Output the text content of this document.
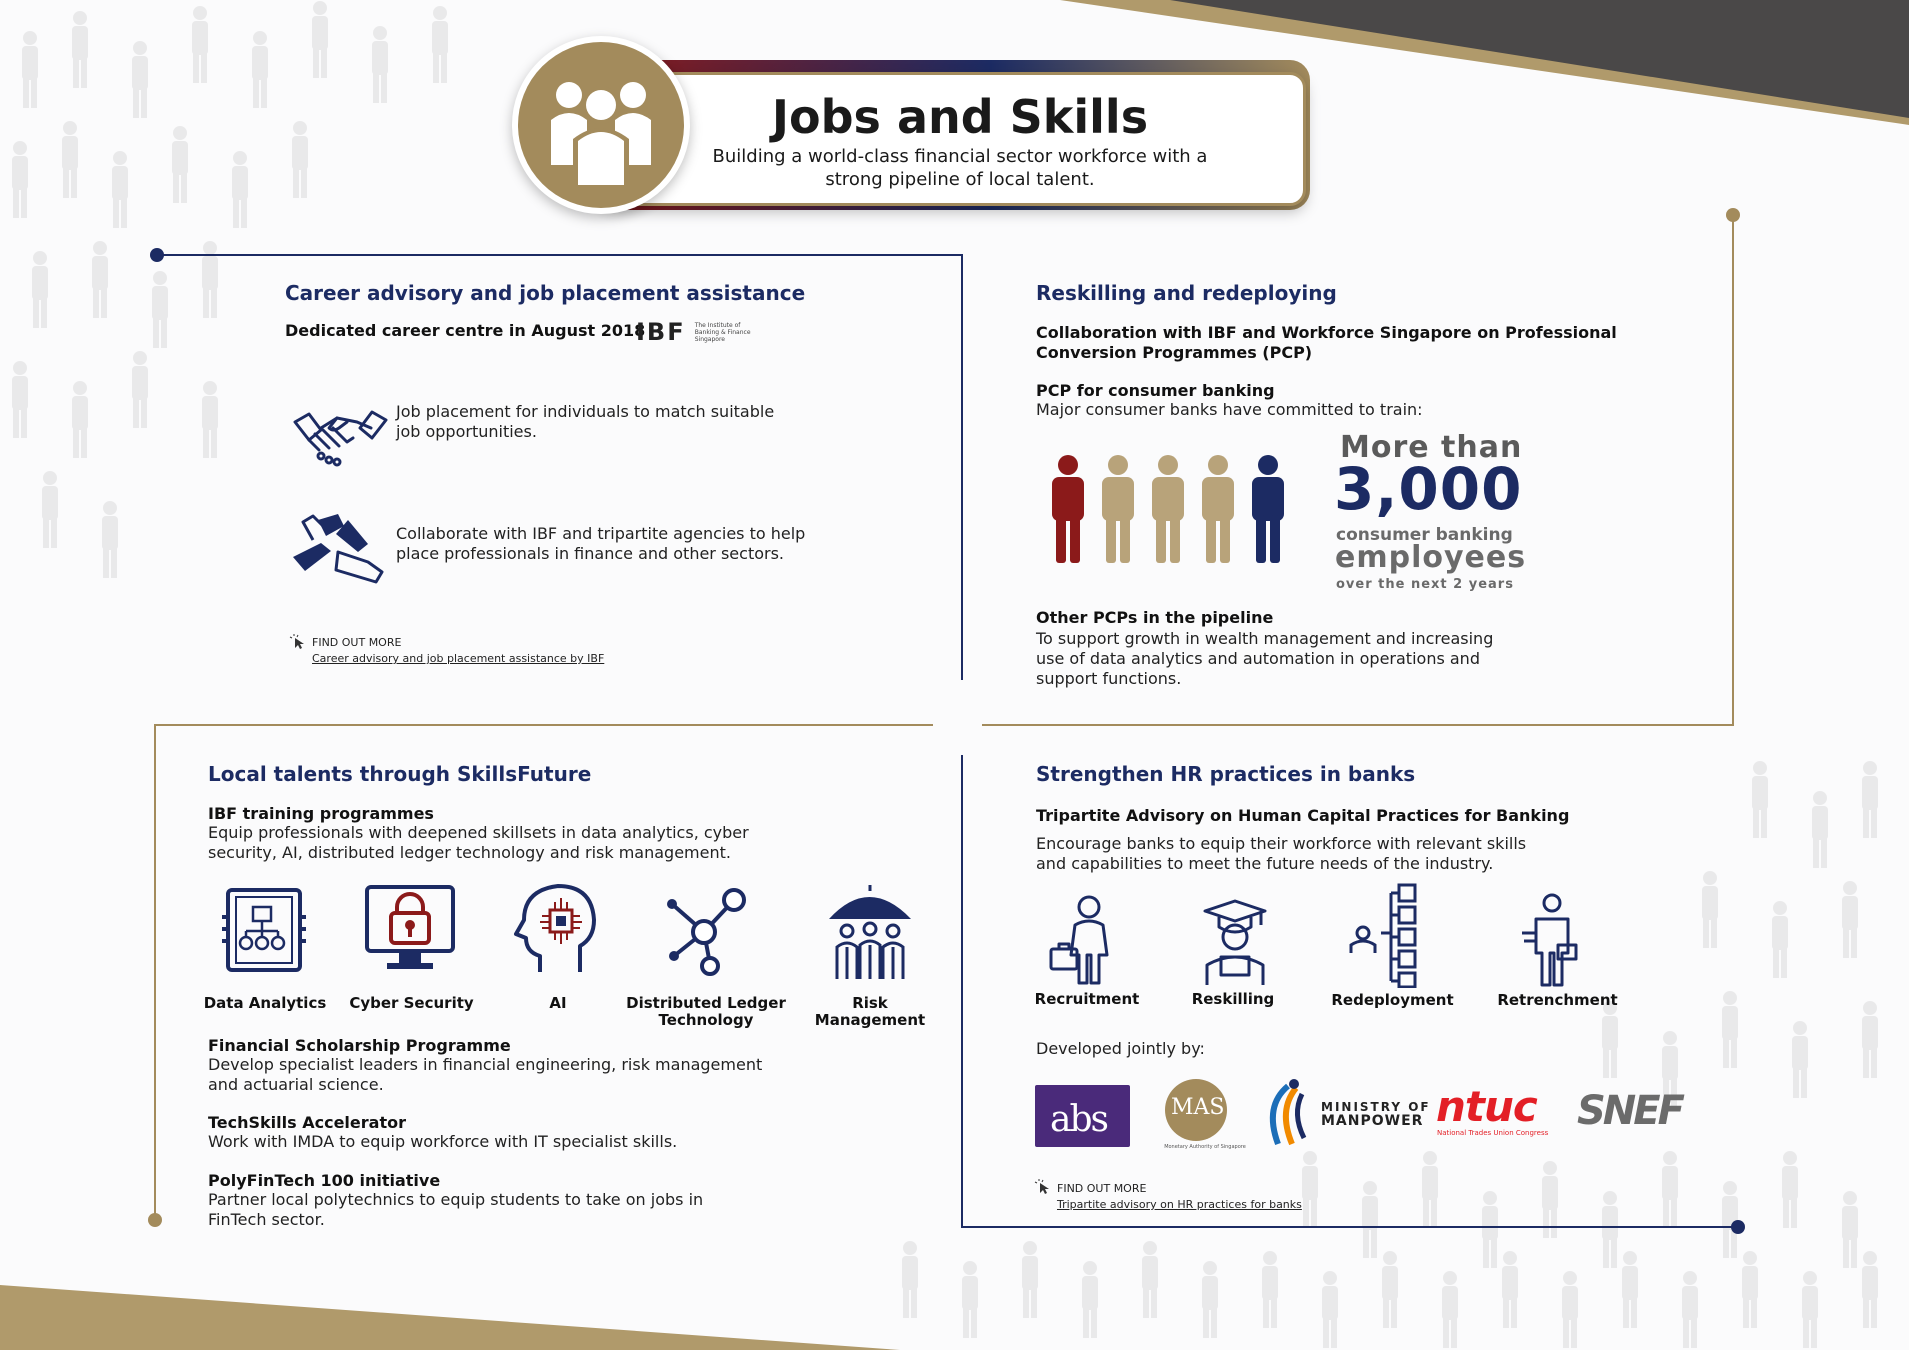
Jobs and Skills
Building a world-class financial sector workforce with a
strong pipeline of local talent.
Career advisory and job placement assistance
Dedicated career centre in August 2018
IBF The Institute of
Banking & Finance
Singapore
Job placement for individuals to match suitable
job opportunities.
Collaborate with IBF and tripartite agencies to help
place professionals in finance and other sectors.
FIND OUT MORE
Career advisory and job placement assistance by IBF
Reskilling and redeploying
Collaboration with IBF and Workforce Singapore on Professional
Conversion Programmes (PCP)
PCP for consumer banking
Major consumer banks have committed to train:
More than
3,000
consumer banking
employees
over the next 2 years
Other PCPs in the pipeline
To support growth in wealth management and increasing
use of data analytics and automation in operations and
support functions.
Local talents through SkillsFuture
IBF training programmes
Equip professionals with deepened skillsets in data analytics, cyber
security, AI, distributed ledger technology and risk management.
Data Analytics Cyber Security	AI	Distributed Ledger
Technology
Risk Management
Financial Scholarship Programme
Develop specialist leaders in financial engineering, risk management
and actuarial science.
TechSkills Accelerator
Work with IMDA to equip workforce with IT specialist skills.
PolyFinTech 100 initiative
Partner local polytechnics to equip students to take on jobs in
FinTech sector.
Strengthen HR practices in banks
Tripartite Advisory on Human Capital Practices for Banking
Encourage banks to equip their workforce with relevant skills
and capabilities to meet the future needs of the industry.
Recruitment	Reskilling	Redeployment	Retrenchment
Developed jointly by:
abs	MAS
Monetary Authority of Singapore
MINISTRY OF
MANPOWER ntuc
National Trades Union Congress SNEF
FIND OUT MORE
Tripartite advisory on HR practices for banks
